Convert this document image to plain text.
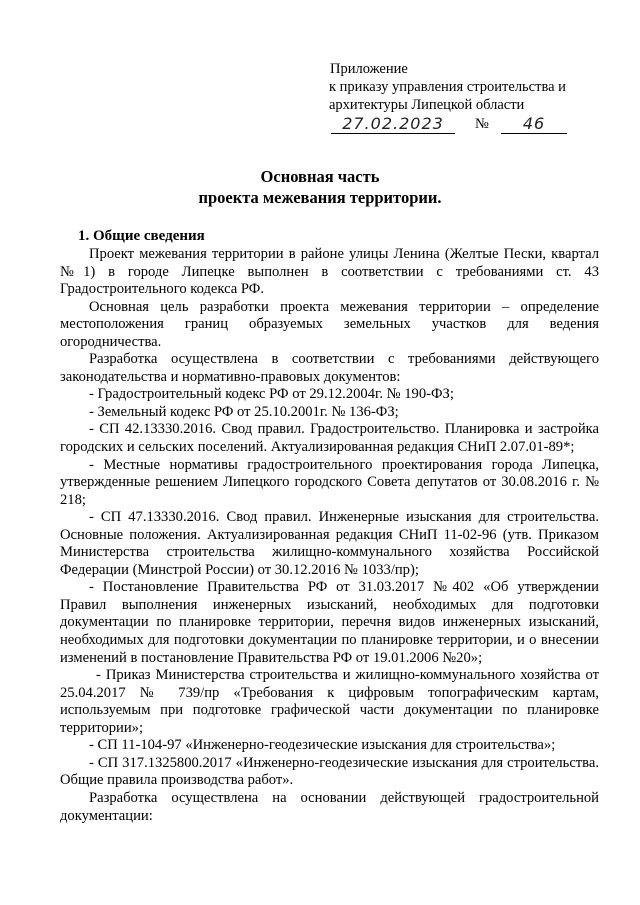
Приложение
к приказу управления строительства и
архитектуры Липецкой области
27.02.2023	№	46
Основная часть
проекта межевания территории.
1. Общие сведения

Проект межевания территории в районе улицы Ленина (Желтые Пески, квартал №1) в городе Липецке выполнен в соответствии с требованиями ст. 43 Градостроительного кодекса РФ.

Основная цель разработки проекта межевания территории – определение местоположения границ образуемых земельных участков для ведения огородничества.

Разработка осуществлена в соответствии с требованиями действующего законодательства и нормативно-правовых документов:

- Градостроительный кодекс РФ от 29.12.2004г. № 190-ФЗ;

- Земельный кодекс РФ от 25.10.2001г. № 136-ФЗ;

- СП 42.13330.2016. Свод правил. Градостроительство. Планировка и застройка городских и сельских поселений. Актуализированная редакция СНиП 2.07.01-89*;

- Местные нормативы градостроительного проектирования города Липецка, утвержденные решением Липецкого городского Совета депутатов от 30.08.2016 г. № 218;

- СП 47.13330.2016. Свод правил. Инженерные изыскания для строительства. Основные положения. Актуализированная редакция СНиП 11-02-96 (утв. Приказом Министерства строительства жилищно-коммунального хозяйства Российской Федерации (Минстрой России) от 30.12.2016 № 1033/пр);

- Постановление Правительства РФ от 31.03.2017 №402 «Об утверждении Правил выполнения инженерных изысканий, необходимых для подготовки документации по планировке территории, перечня видов инженерных изысканий, необходимых для подготовки документации по планировке территории, и о внесении изменений в постановление Правительства РФ от 19.01.2006 №20»;

- Приказ Министерства строительства и жилищно-коммунального хозяйства от 25.04.2017 № 739/пр «Требования к цифровым топографическим картам, используемым при подготовке графической части документации по планировке территории»;

- СП 11-104-97 «Инженерно-геодезические изыскания для строительства»;

- СП 317.1325800.2017 «Инженерно-геодезические изыскания для строительства. Общие правила производства работ».

Разработка осуществлена на основании действующей градостроительной документации:
